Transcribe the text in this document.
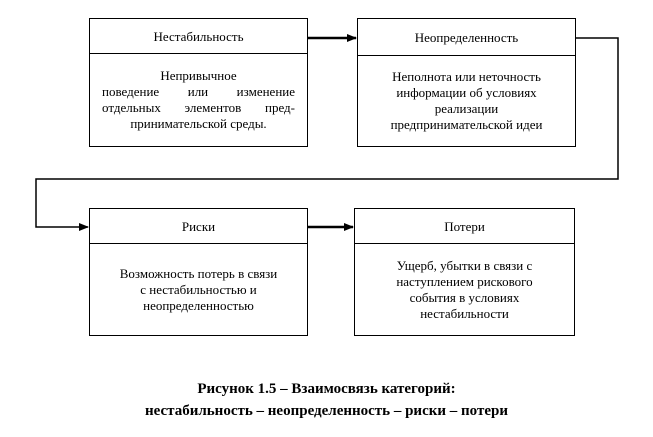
Нестабильность
Непривычное
поведение или изменение
отдельных элементов пред-
принимательской среды.
Неопределенность
Неполнота или неточность
информации об условиях
реализации
предпринимательской идеи
Риски
Возможность потерь в связи
с нестабильностью и
неопределенностью
Потери
Ущерб, убытки в связи с
наступлением рискового
события в условиях
нестабильности
Рисунок 1.5 – Взаимосвязь категорий:
нестабильность – неопределенность – риски – потери
